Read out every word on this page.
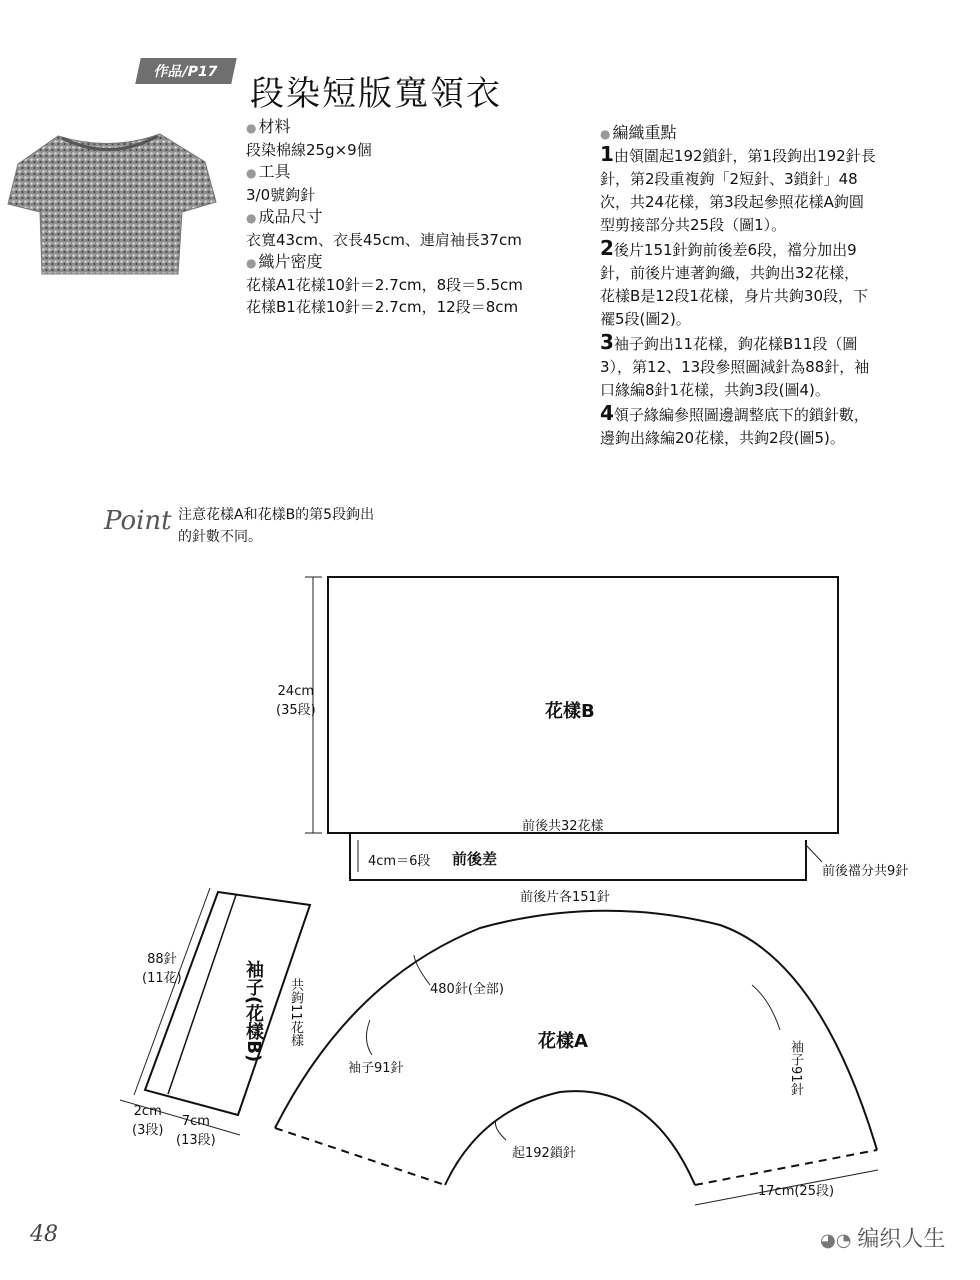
作品/P17
段染短版寬領衣
● 材料
段染棉線25g×9個
● 工具
3/0號鉤針
● 成品尺寸
衣寬43cm、衣長45cm、連肩袖長37cm
● 織片密度
花樣A1花樣10針＝2.7cm，8段＝5.5cm
花樣B1花樣10針＝2.7cm，12段＝8cm
● 編織重點
1由領圍起192鎖針，第1段鉤出192針長
針，第2段重複鉤「2短針、3鎖針」48
次，共24花樣，第3段起參照花樣A鉤圓
型剪接部分共25段（圖1）。
2後片151針鉤前後差6段，襠分加出9
針，前後片連著鉤織，共鉤出32花樣，
花樣B是12段1花樣，身片共鉤30段，下
襬5段(圖2)。
3袖子鉤出11花樣，鉤花樣B11段（圖
3），第12、13段參照圖減針為88針，袖
口緣編8針1花樣，共鉤3段(圖4)。
4領子緣編參照圖邊調整底下的鎖針數，
邊鉤出緣編20花樣，共鉤2段(圖5)。
Point 注意花樣A和花樣B的第5段鉤出
的針數不同。
24cm
(35段)	花樣B
前後共32花樣
4cm＝6段 前後差
前後襠分共9針
前後片各151針
88針
(11花)	袖子(花樣B) 共鉤11花樣
2cm
(3段)
7cm
(13段)
花樣A
480針(全部)
袖子91針	袖子91針
起192鎖針
17cm(25段)
48	◕◔ 编织人生
